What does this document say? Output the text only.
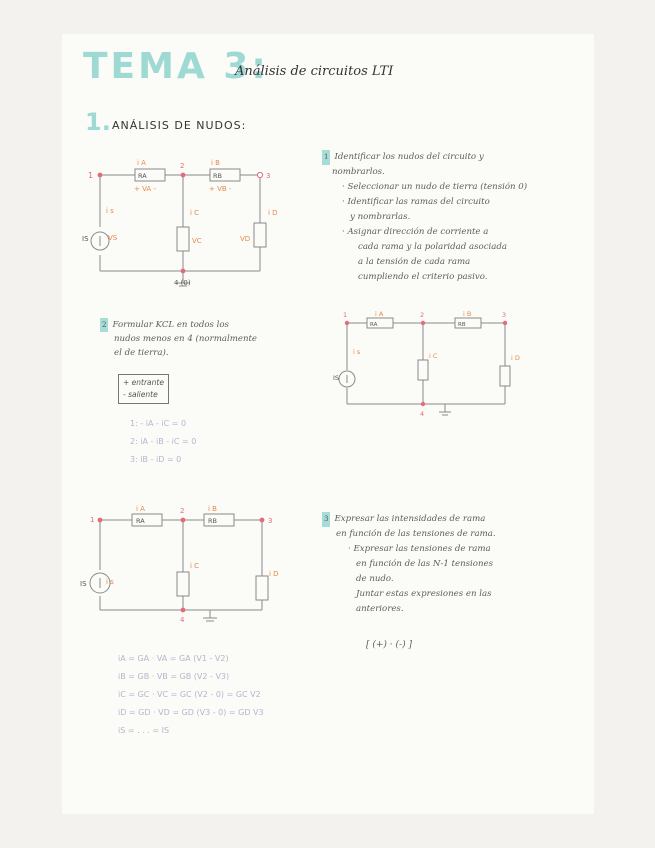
TEMA 3:
Análisis de circuitos LTI
1. ANÁLISIS DE NUDOS:
1
2
3
4 (0)
i A	i B
RA	RB
+ VA -	+ VB -
i s	i C	i D
VS	VC	VD
IS
1 Identificar los nudos del circuito y
nombrarlos.
· Seleccionar un nudo de tierra (tensión 0)
· Identificar las ramas del circuito
y nombrarlas.
· Asignar dirección de corriente a
cada rama y la polaridad asociada
a la tensión de cada rama
cumpliendo el criterio pasivo.
2 Formular KCL en todos los
nudos menos en 4 (normalmente
el de tierra).
+ entrante
- saliente
1: - iA - iC = 0
2: iA - iB - iC = 0
3: iB - iD = 0
1	2	3
4
i A	i B
RA	RB
i s	i C	i D
IS
1
2
3
4
i A	i B
RA	RB
i s
i C
i D
IS
iA = GA · VA = GA (V1 - V2)
iB = GB · VB = GB (V2 - V3)
iC = GC · VC = GC (V2 - 0) = GC V2
iD = GD · VD = GD (V3 - 0) = GD V3
iS = . . . = IS
3 Expresar las intensidades de rama
en función de las tensiones de rama.
· Expresar las tensiones de rama
en función de las N-1 tensiones
de nudo.
Juntar estas expresiones en las
anteriores.
[ (+) · (-) ]
